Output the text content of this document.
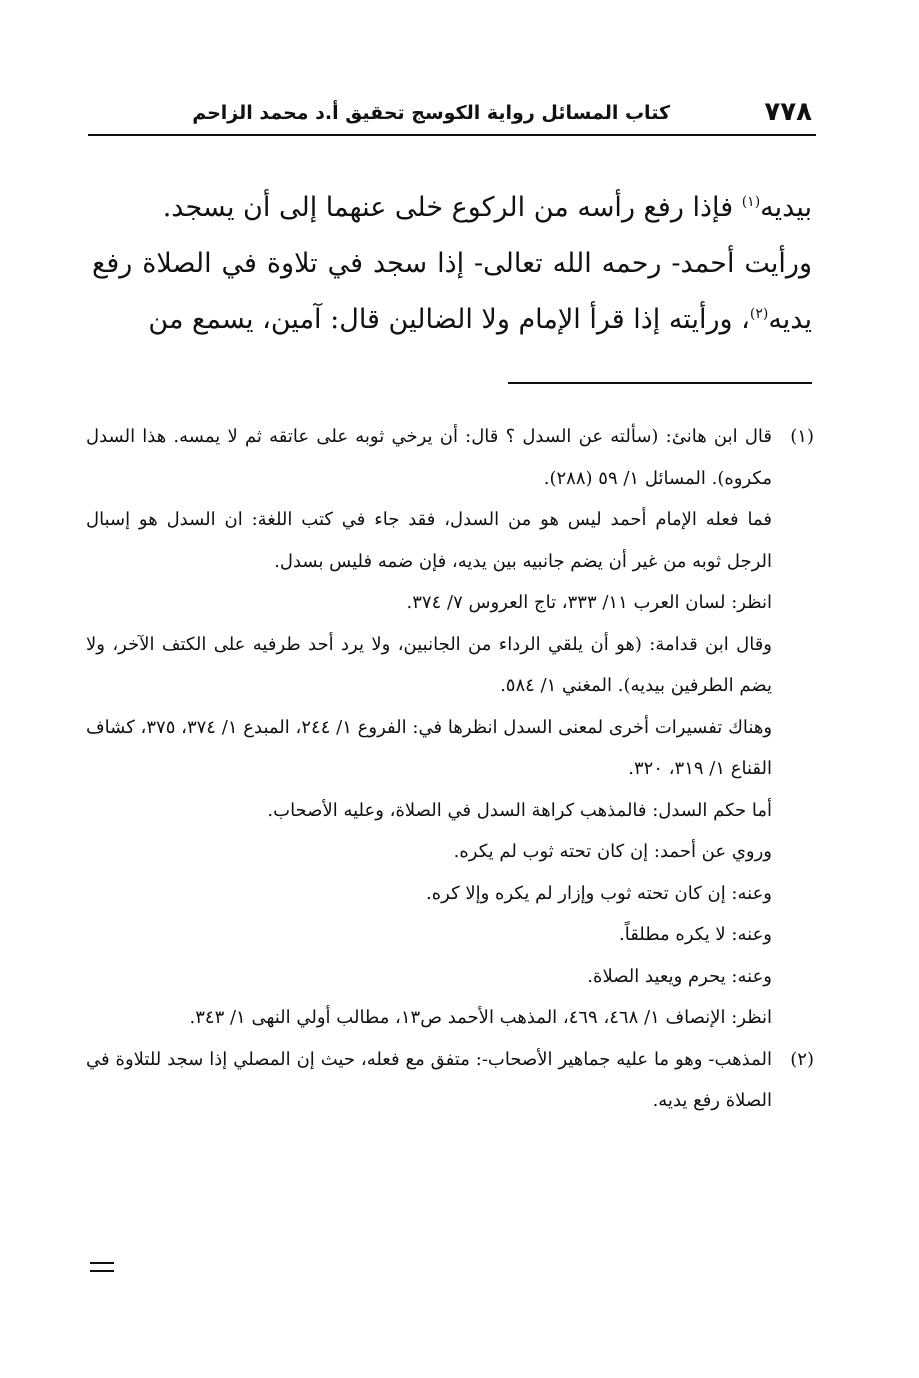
٧٧٨
كتاب المسائل رواية الكوسج تحقيق أ.د محمد الزاحم

بيديه$^{(١)}$ فإذا رفع رأسه من الركوع خلى عنهما إلى أن يسجد.

ورأيت أحمد- رحمه الله تعالى- إذا سجد في تلاوة في الصلاة رفع يديه$^{(٢)}$، ورأيته إذا قرأ الإمام ولا الضالين قال: آمين، يسمع من

(١)قال ابن هانئ: (سألته عن السدل ؟ قال: أن يرخي ثوبه على عاتقه ثم لا يمسه. هذا السدل مكروه). المسائل ١/ ٥٩ (٢٨٨).

فما فعله الإمام أحمد ليس هو من السدل، فقد جاء في كتب اللغة: ان السدل هو إسبال الرجل ثوبه من غير أن يضم جانبيه بين يديه، فإن ضمه فليس بسدل.

انظر: لسان العرب ١١/ ٣٣٣، تاج العروس ٧/ ٣٧٤.

وقال ابن قدامة: (هو أن يلقي الرداء من الجانبين، ولا يرد أحد طرفيه على الكتف الآخر، ولا يضم الطرفين بيديه). المغني ١/ ٥٨٤.

وهناك تفسيرات أخرى لمعنى السدل انظرها في: الفروع ١/ ٢٤٤، المبدع ١/ ٣٧٤، ٣٧٥، كشاف القناع ١/ ٣١٩، ٣٢٠.

أما حكم السدل: فالمذهب كراهة السدل في الصلاة، وعليه الأصحاب.

وروي عن أحمد: إن كان تحته ثوب لم يكره.

وعنه: إن كان تحته ثوب وإزار لم يكره وإلا كره.

وعنه: لا يكره مطلقاً.

وعنه: يحرم ويعيد الصلاة.

انظر: الإنصاف ١/ ٤٦٨، ٤٦٩، المذهب الأحمد ص١٣، مطالب أولي النهى ١/ ٣٤٣.

(٢)المذهب- وهو ما عليه جماهير الأصحاب-: متفق مع فعله، حيث إن المصلي إذا سجد للتلاوة في الصلاة رفع يديه.
